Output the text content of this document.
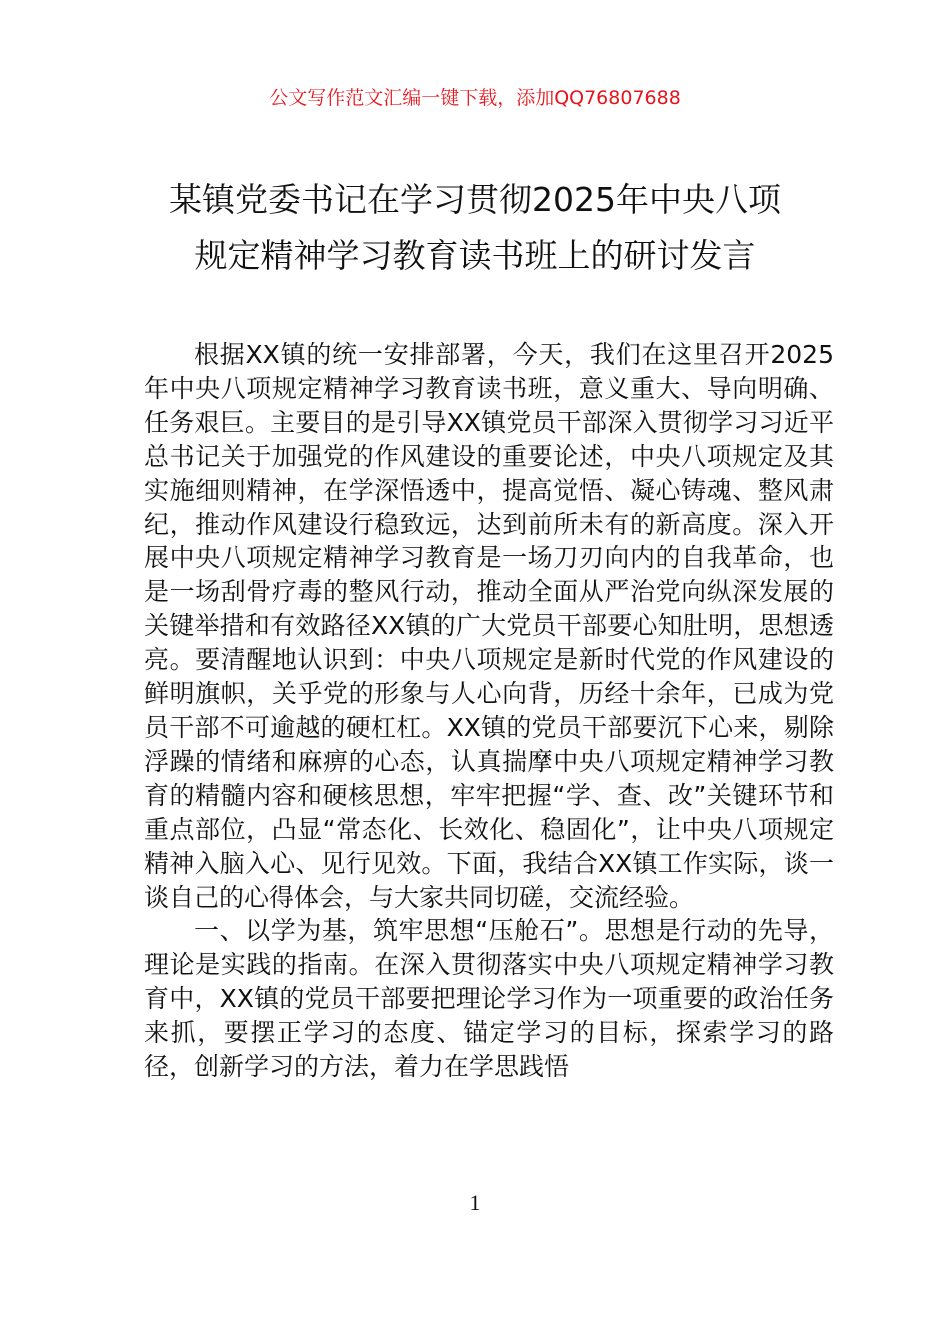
公文写作范文汇编一键下载，添加QQ76807688
某镇党委书记在学习贯彻2025年中央八项
规定精神学习教育读书班上的研讨发言

根据XX镇的统一安排部署，今天，我们在这里召开2025年中央八项规定精神学习教育读书班，意义重大、导向明确、任务艰巨。主要目的是引导XX镇党员干部深入贯彻学习习近平总书记关于加强党的作风建设的重要论述，中央八项规定及其实施细则精神，在学深悟透中，提高觉悟、凝心铸魂、整风肃纪，推动作风建设行稳致远，达到前所未有的新高度。深入开展中央八项规定精神学习教育是一场刀刃向内的自我革命，也是一场刮骨疗毒的整风行动，推动全面从严治党向纵深发展的关键举措和有效路径XX镇的广大党员干部要心知肚明，思想透亮。要清醒地认识到：中央八项规定是新时代党的作风建设的鲜明旗帜，关乎党的形象与人心向背，历经十余年，已成为党员干部不可逾越的硬杠杠。XX镇的党员干部要沉下心来，剔除浮躁的情绪和麻痹的心态，认真揣摩中央八项规定精神学习教育的精髓内容和硬核思想，牢牢把握“学、查、改”关键环节和重点部位，凸显“常态化、长效化、稳固化”，让中央八项规定精神入脑入心、见行见效。下面，我结合XX镇工作实际，谈一谈自己的心得体会，与大家共同切磋，交流经验。

一、以学为基，筑牢思想“压舱石”。思想是行动的先导，理论是实践的指南。在深入贯彻落实中央八项规定精神学习教育中，XX镇的党员干部要把理论学习作为一项重要的政治任务来抓，要摆正学习的态度、锚定学习的目标，探索学习的路径，创新学习的方法，着力在学思践悟

1
